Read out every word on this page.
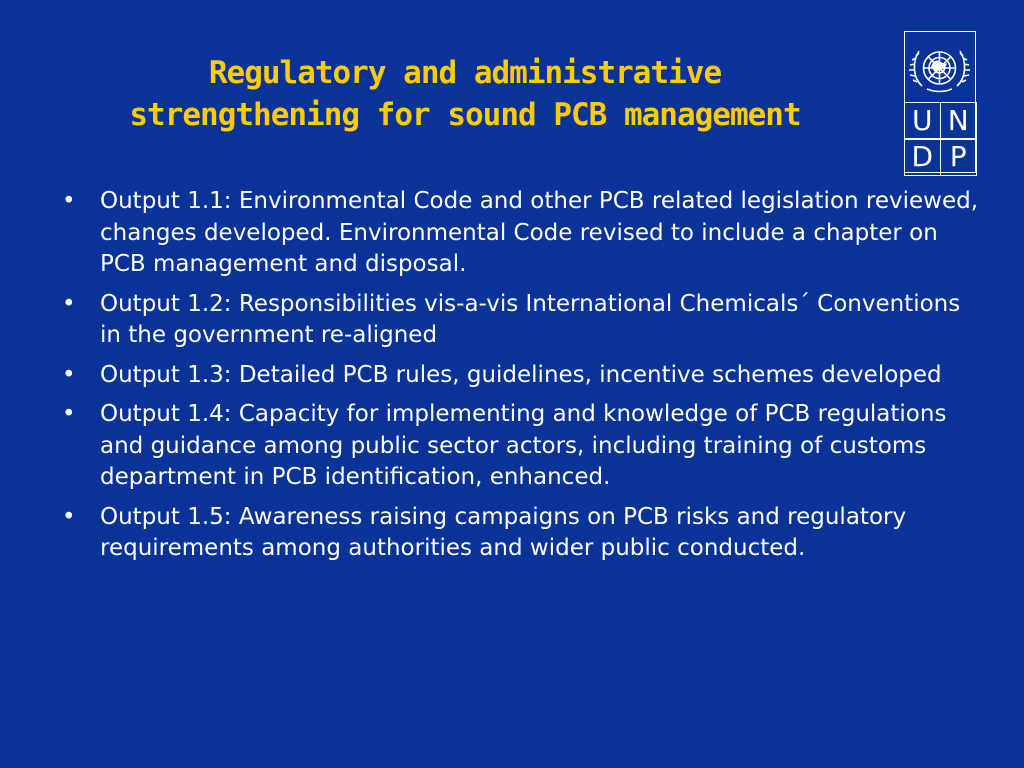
Regulatory and administrative
strengthening for sound PCB management	U N
D P
• Output 1.1: Environmental Code and other PCB related legislation reviewed, changes developed. Environmental Code revised to include a chapter on PCB management and disposal.
• Output 1.2: Responsibilities vis-a-vis International Chemicals´ Conventions in the government re-aligned
• Output 1.3: Detailed PCB rules, guidelines, incentive schemes developed
• Output 1.4: Capacity for implementing and knowledge of PCB regulations and guidance among public sector actors, including training of customs department in PCB identification, enhanced.
• Output 1.5: Awareness raising campaigns on PCB risks and regulatory requirements among authorities and wider public conducted.
